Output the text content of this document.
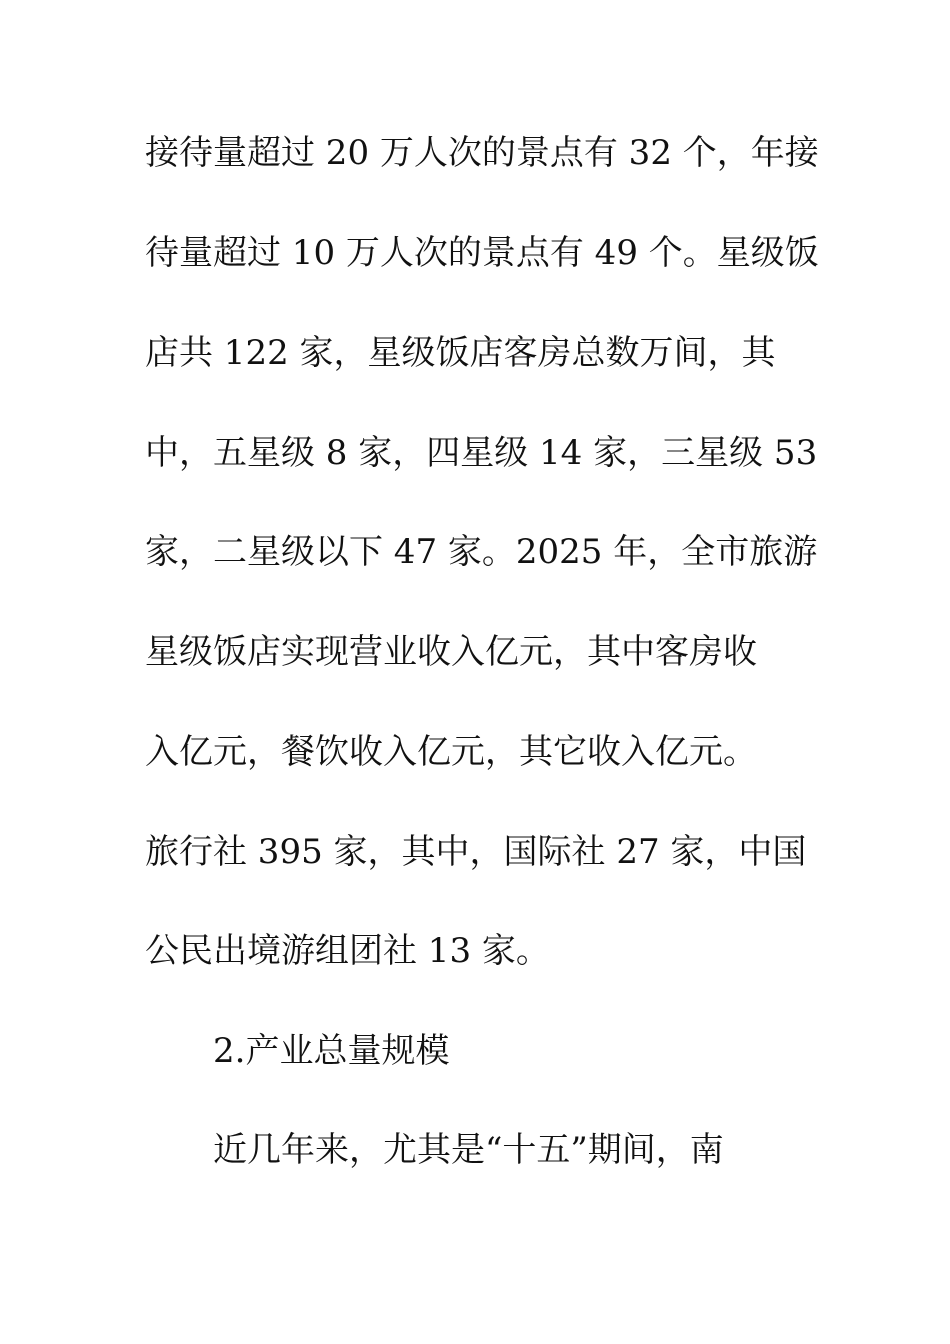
接待量超过 20 万人次的景点有 32 个，年接
待量超过 10 万人次的景点有 49 个。星级饭
店共 122 家，星级饭店客房总数万间，其
中，五星级 8 家，四星级 14 家，三星级 53
家，二星级以下 47 家。2025 年，全市旅游
星级饭店实现营业收入亿元，其中客房收
入亿元，餐饮收入亿元，其它收入亿元。
旅行社 395 家，其中，国际社 27 家，中国
公民出境游组团社 13 家。
2.产业总量规模
近几年来，尤其是“十五”期间，南
